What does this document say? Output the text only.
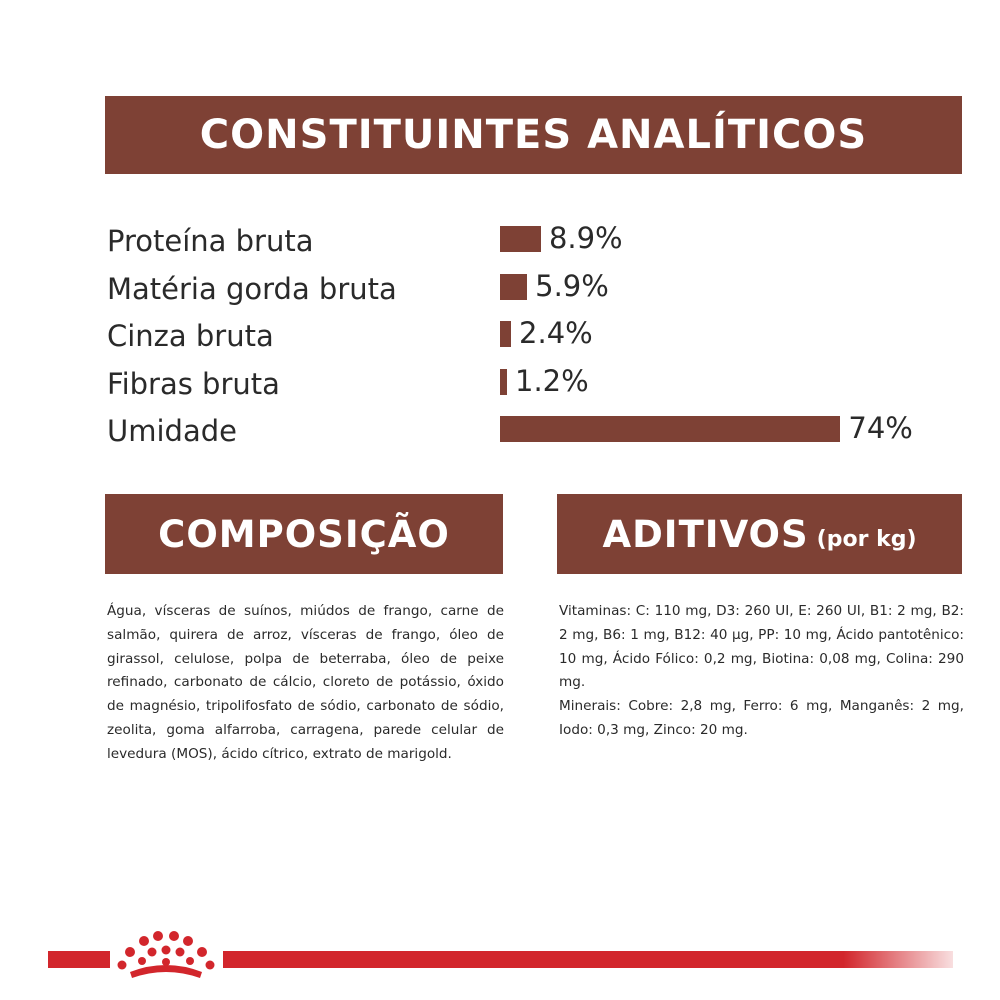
CONSTITUINTES ANALÍTICOS
Proteína bruta	8.9%
Matéria gorda bruta	5.9%
Cinza bruta	2.4%
Fibras bruta	1.2%
Umidade	74%
COMPOSIÇÃO	ADITIVOS (por kg)

Água, vísceras de suínos, miúdos de frango, carne de salmão, quirera de arroz, vísceras de frango, óleo de girassol, celulose, polpa de beterraba, óleo de peixe refinado, carbonato de cálcio, cloreto de potássio, óxido de magnésio, tripolifosfato de sódio, carbonato de sódio, zeolita, goma alfarroba, carragena, parede celular de levedura (MOS), ácido cítrico, extrato de marigold.

Vitaminas: C: 110 mg, D3: 260 UI, E: 260 UI, B1: 2 mg, B2: 2 mg, B6: 1 mg, B12: 40 µg, PP: 10 mg, Ácido pantotênico: 10 mg, Ácido Fólico: 0,2 mg, Biotina: 0,08 mg, Colina: 290 mg.

Minerais: Cobre: 2,8 mg, Ferro: 6 mg, Manganês: 2 mg, Iodo: 0,3 mg, Zinco: 20 mg.
